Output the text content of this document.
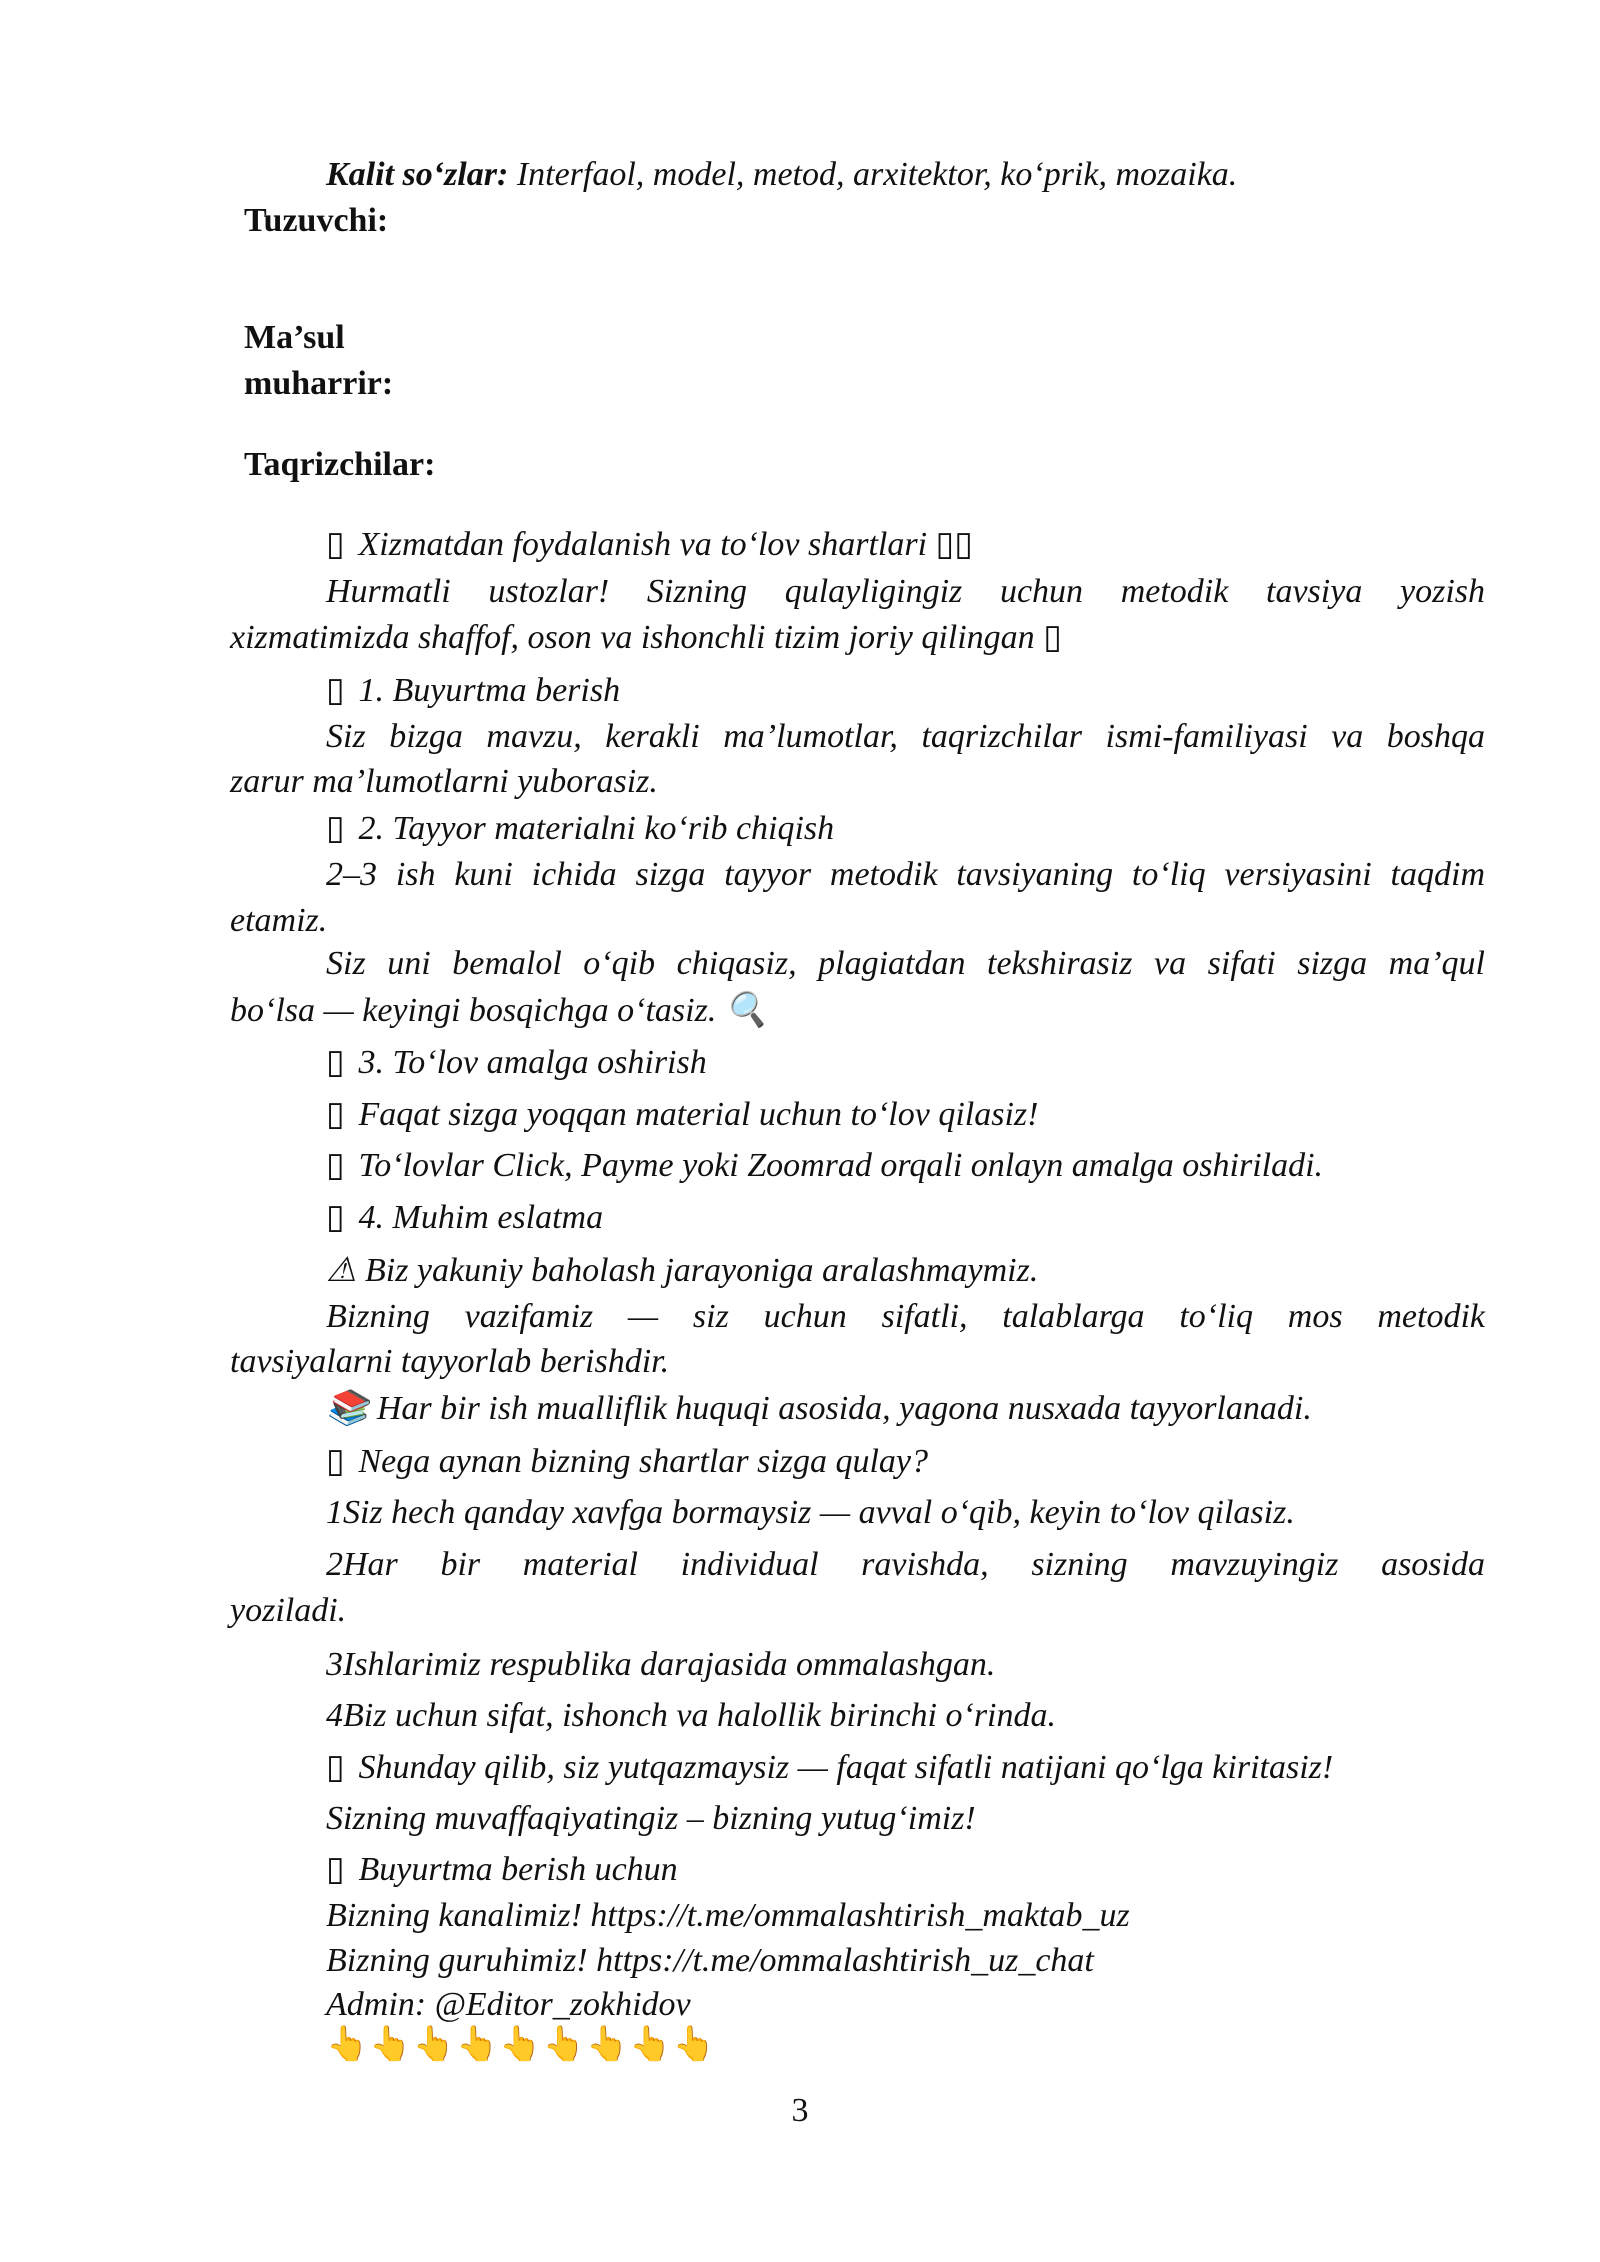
Kalit so‘zlar: Interfaol, model, metod, arxitektor, ko‘prik, mozaika.
Tuzuvchi:
Ma’sul
muharrir:
Taqrizchilar:
▯ Xizmatdan foydalanish va to‘lov shartlari ▯▯
Hurmatli ustozlar! Sizning qulayligingiz uchun metodik tavsiya yozish
xizmatimizda shaffof, oson va ishonchli tizim joriy qilingan ▯
▯ 1. Buyurtma berish
Siz bizga mavzu, kerakli ma’lumotlar, taqrizchilar ismi-familiyasi va boshqa
zarur ma’lumotlarni yuborasiz.
▯ 2. Tayyor materialni ko‘rib chiqish
2–3 ish kuni ichida sizga tayyor metodik tavsiyaning to‘liq versiyasini taqdim
etamiz.
Siz uni bemalol o‘qib chiqasiz, plagiatdan tekshirasiz va sifati sizga ma’qul
bo‘lsa — keyingi bosqichga o‘tasiz. 🔍
▯ 3. To‘lov amalga oshirish
▯ Faqat sizga yoqqan material uchun to‘lov qilasiz!
▯ To‘lovlar Click, Payme yoki Zoomrad orqali onlayn amalga oshiriladi.
▯ 4. Muhim eslatma
⚠ Biz yakuniy baholash jarayoniga aralashmaymiz.
Bizning vazifamiz — siz uchun sifatli, talablarga to‘liq mos metodik
tavsiyalarni tayyorlab berishdir.
📚 Har bir ish mualliflik huquqi asosida, yagona nusxada tayyorlanadi.
▯ Nega aynan bizning shartlar sizga qulay?
1Siz hech qanday xavfga bormaysiz — avval o‘qib, keyin to‘lov qilasiz.
2Har bir material individual ravishda, sizning mavzuyingiz asosida
yoziladi.
3Ishlarimiz respublika darajasida ommalashgan.
4Biz uchun sifat, ishonch va halollik birinchi o‘rinda.
▯ Shunday qilib, siz yutqazmaysiz — faqat sifatli natijani qo‘lga kiritasiz!
Sizning muvaffaqiyatingiz – bizning yutug‘imiz!
▯ Buyurtma berish uchun
Bizning kanalimiz! https://t.me/ommalashtirish_maktab_uz
Bizning guruhimiz! https://t.me/ommalashtirish_uz_chat
Admin: @Editor_zokhidov
👆👆👆👆👆👆👆👆👆
3
